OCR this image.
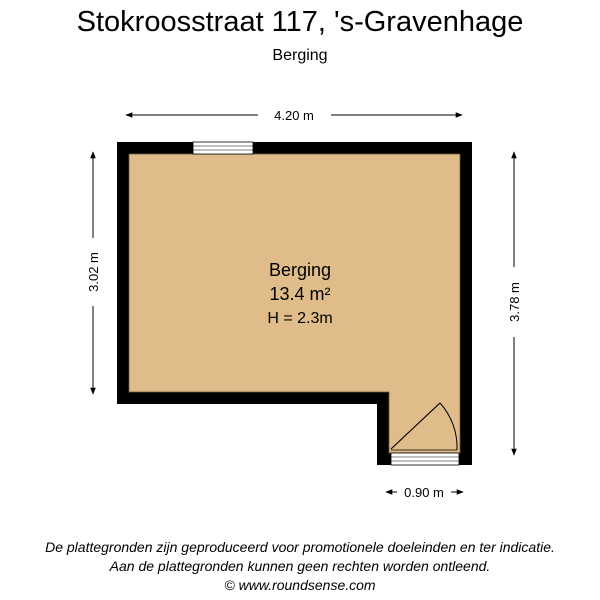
Stokroosstraat 117, 's-Gravenhage
Berging
4.20 m
3.02 m
3.78 m
0.90 m
Berging
13.4 m²
H = 2.3m
De plattegronden zijn geproduceerd voor promotionele doeleinden en ter indicatie.
Aan de plattegronden kunnen geen rechten worden ontleend.
© www.roundsense.com
